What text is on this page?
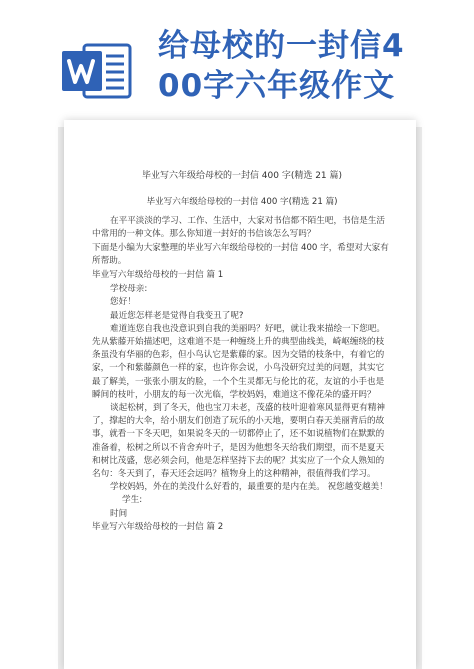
给母校的一封信4
00字六年级作文
毕业写六年级给母校的一封信 400 字(精选 21 篇)
毕业写六年级给母校的一封信 400 字(精选 21 篇)

在平平淡淡的学习、工作、生活中，大家对书信都不陌生吧，书信是生活中常用的一种文体。那么你知道一封好的书信该怎么写吗？

下面是小编为大家整理的毕业写六年级给母校的一封信 400 字，希望对大家有所帮助。

毕业写六年级给母校的一封信 篇 1
学校母亲:
您好！
最近您怎样老是觉得自我变丑了呢?

难道连您自我也没意识到自我的美丽吗？好吧，就让我来描绘一下您吧。先从紫藤开始描述吧，这难道不是一种缠绕上升的典型曲线美，崎岖缠绕的枝条虽没有华丽的色彩，但小鸟认它是紫藤的家。因为交错的枝条中，有着它的家，一个和紫藤颜色一样的家，也许你会说，小鸟没研究过美的问题，其实它最了解美，一张张小朋友的脸，一个个生灵都无与伦比的花，友谊的小手也是瞬间的枝叶，小朋友的每一次光临，学校妈妈，难道这不像花朵的盛开吗？

谈起松树，到了冬天，他也宝刀未老，茂盛的枝叶迎着寒风显得更有精神了，撑起的大伞，给小朋友们创造了玩乐的小天地，要明白春天美丽背后的故事，就看一下冬天吧，如果说冬天的一切都停止了，还不如说植物们在默默的准备着，松树之所以不肯舍弃叶子，是因为他想冬天给我们期望，而不是夏天和树比茂盛，您必须会问，他是怎样坚持下去的呢？其实应了一个众人熟知的名句：冬天到了，春天还会远吗？植物身上的这种精神，很值得我们学习。

学校妈妈，外在的美没什么好看的，最重要的是内在美。 祝您越变越美！

学生:
时间
毕业写六年级给母校的一封信 篇 2
